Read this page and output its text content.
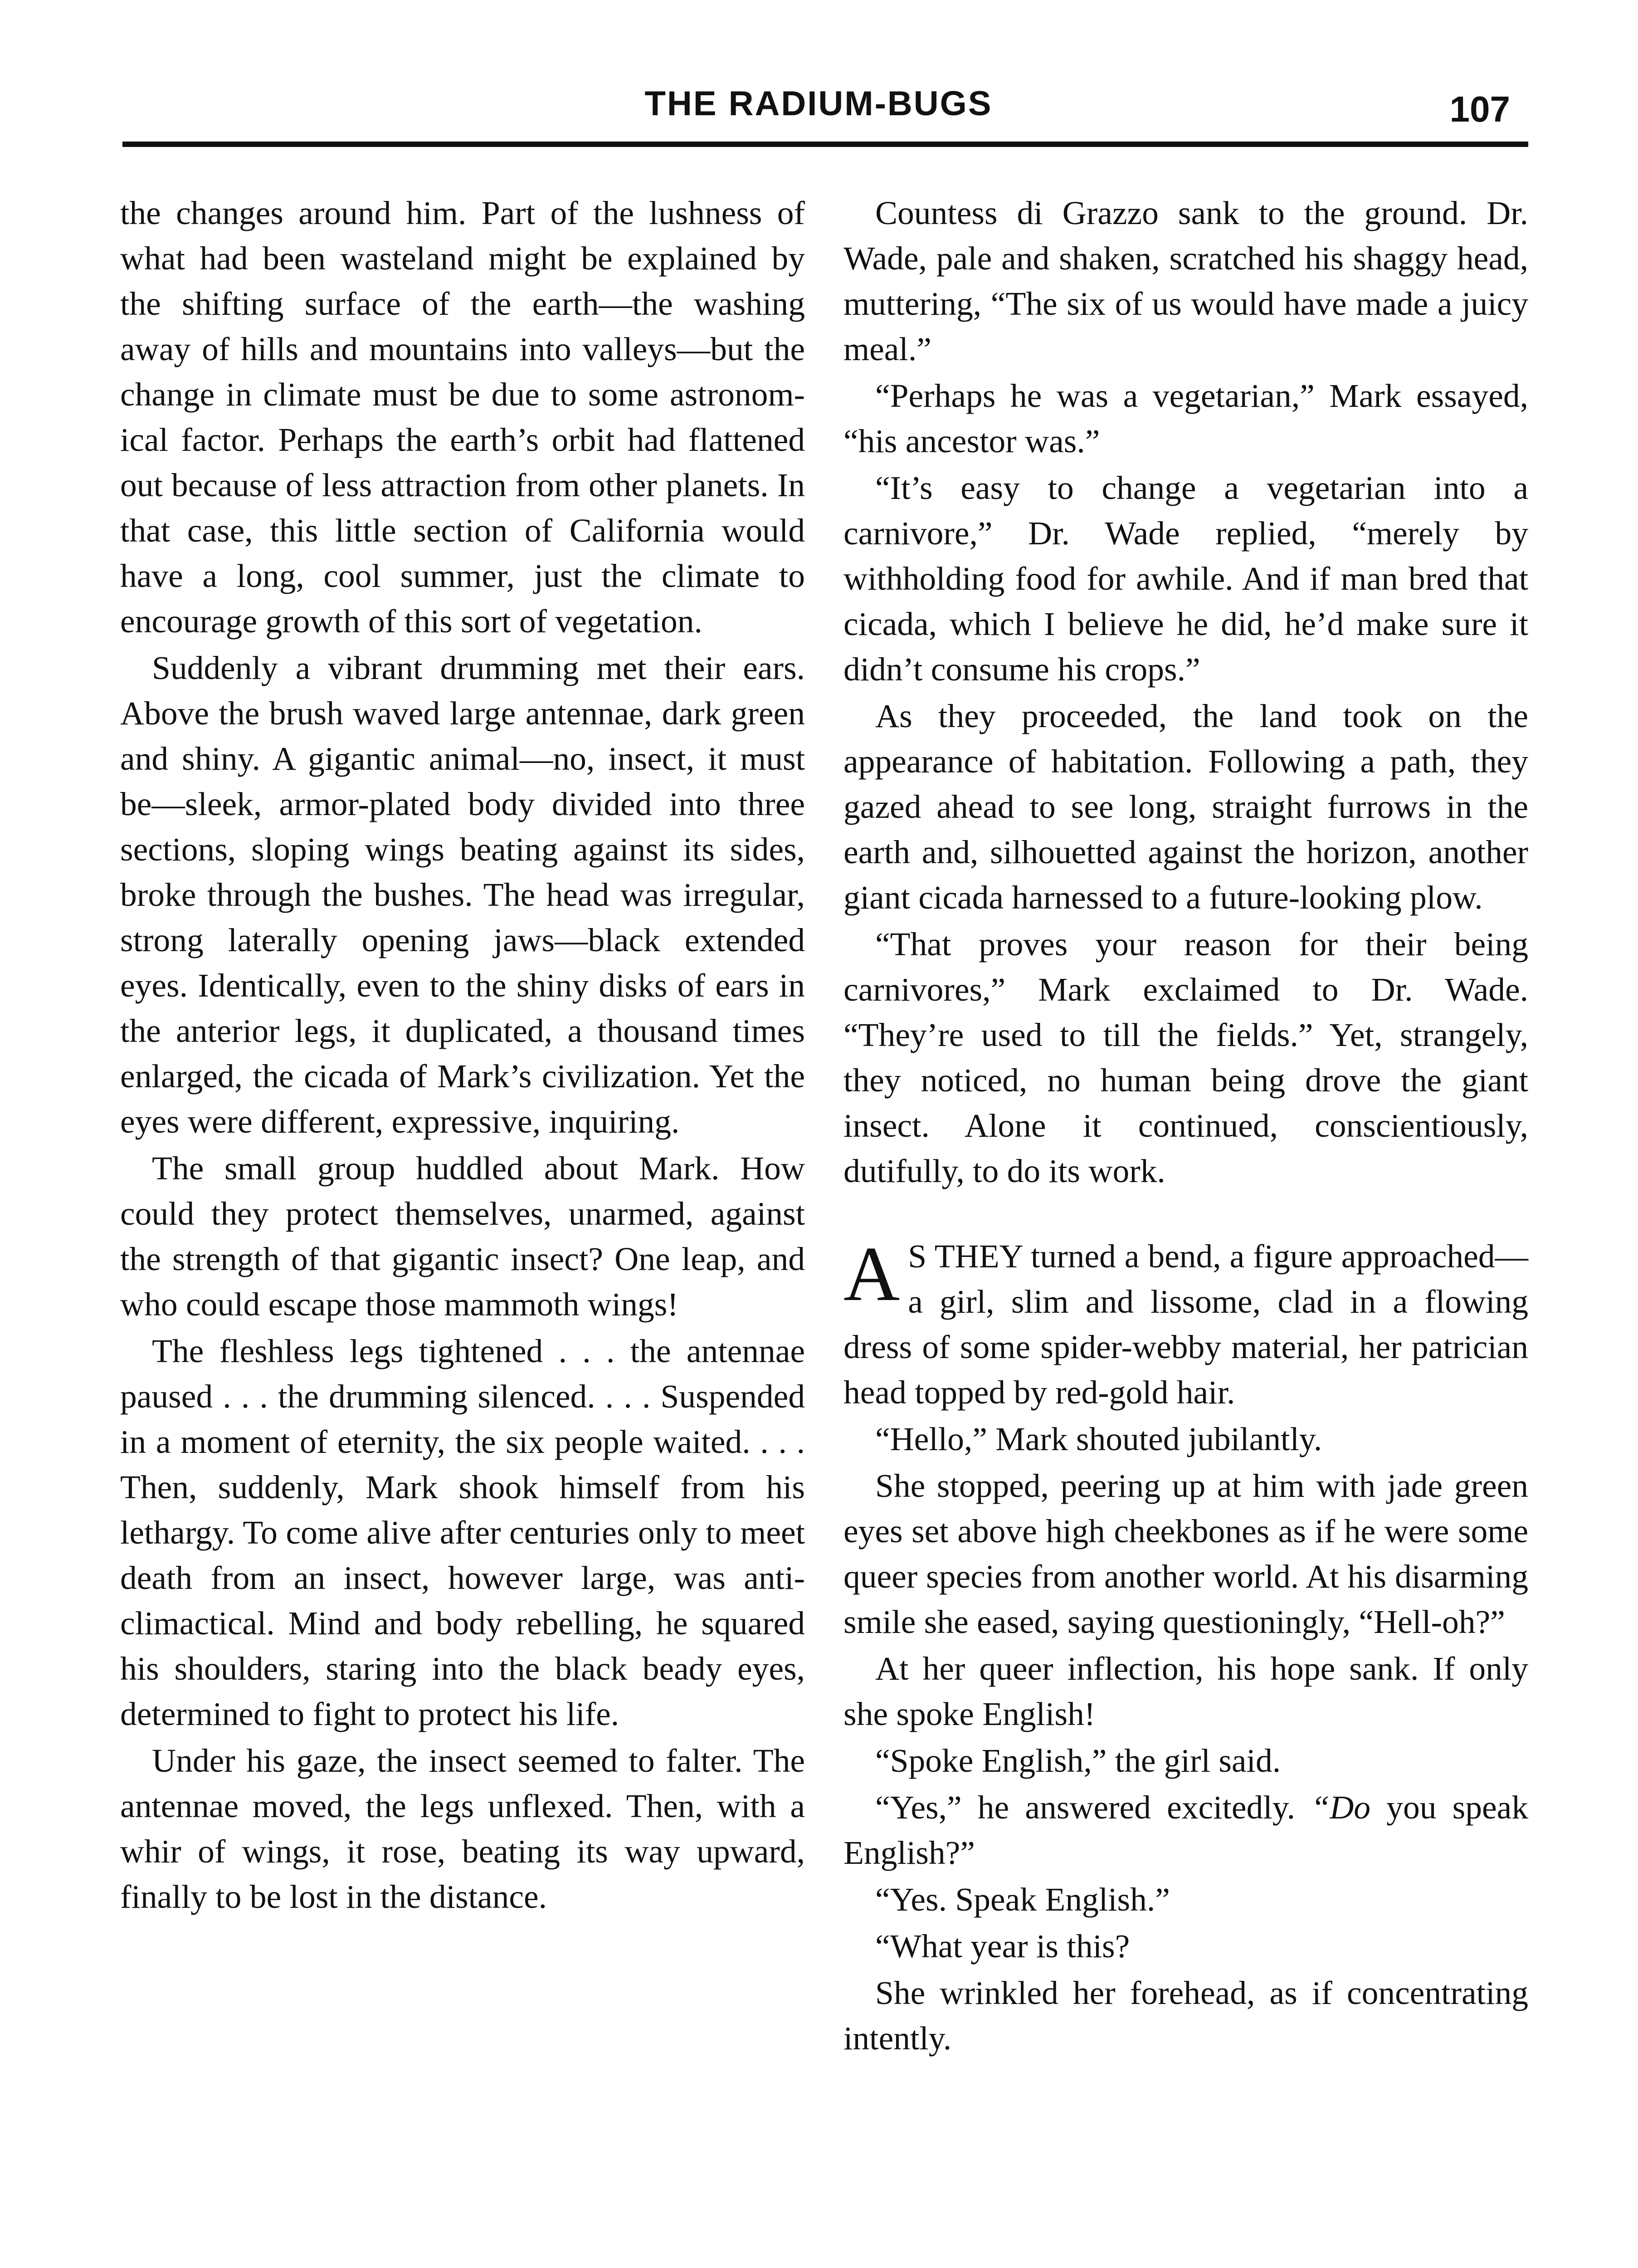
THE RADIUM-BUGS	107

the changes around him. Part of the lushness of what had been wasteland might be explained by the shifting surface of the earth—the washing away of hills and mountains into valleys—but the change in climate must be due to some astronomical factor. Perhaps the earth’s orbit had flattened out because of less attraction from other planets. In that case, this little section of California would have a long, cool summer, just the climate to encourage growth of this sort of vegetation.

Suddenly a vibrant drumming met their ears. Above the brush waved large antennae, dark green and shiny. A gigantic animal—no, insect, it must be—sleek, armor-plated body divided into three sections, sloping wings beating against its sides, broke through the bushes. The head was irregular, strong laterally opening jaws—black extended eyes. Identically, even to the shiny disks of ears in the anterior legs, it duplicated, a thousand times enlarged, the cicada of Mark’s civilization. Yet the eyes were different, expressive, inquiring.

The small group huddled about Mark. How could they protect themselves, unarmed, against the strength of that gigantic insect? One leap, and who could escape those mammoth wings!

The fleshless legs tightened . . . the antennae paused . . . the drumming silenced. . . . Suspended in a moment of eternity, the six people waited. . . . Then, suddenly, Mark shook himself from his lethargy. To come alive after centuries only to meet death from an insect, however large, was anti-climactical. Mind and body rebelling, he squared his shoulders, staring into the black beady eyes, determined to fight to protect his life.

Under his gaze, the insect seemed to falter. The antennae moved, the legs unflexed. Then, with a whir of wings, it rose, beating its way upward, finally to be lost in the distance.

Countess di Grazzo sank to the ground. Dr. Wade, pale and shaken, scratched his shaggy head, muttering, “The six of us would have made a juicy meal.”

“Perhaps he was a vegetarian,” Mark essayed, “his ancestor was.”

“It’s easy to change a vegetarian into a carnivore,” Dr. Wade replied, “merely by withholding food for awhile. And if man bred that cicada, which I believe he did, he’d make sure it didn’t consume his crops.”

As they proceeded, the land took on the appearance of habitation. Following a path, they gazed ahead to see long, straight furrows in the earth and, silhouetted against the horizon, another giant cicada harnessed to a future-looking plow.

“That proves your reason for their being carnivores,” Mark exclaimed to Dr. Wade. “They’re used to till the fields.” Yet, strangely, they noticed, no human being drove the giant insect. Alone it continued, conscientiously, dutifully, to do its work.

A S THEY turned a bend, a figure approached—a girl, slim and lissome, clad in a flowing dress of some spider-webby material, her patrician head topped by red-gold hair.

“Hello,” Mark shouted jubilantly.

She stopped, peering up at him with jade green eyes set above high cheekbones as if he were some queer species from another world. At his disarming smile she eased, saying questioningly, “Hell-oh?”

At her queer inflection, his hope sank. If only she spoke English!

“Spoke English,” the girl said.

“Yes,” he answered excitedly. “Do you speak English?”

“Yes. Speak English.”

“What year is this?

She wrinkled her forehead, as if concentrating intently.
